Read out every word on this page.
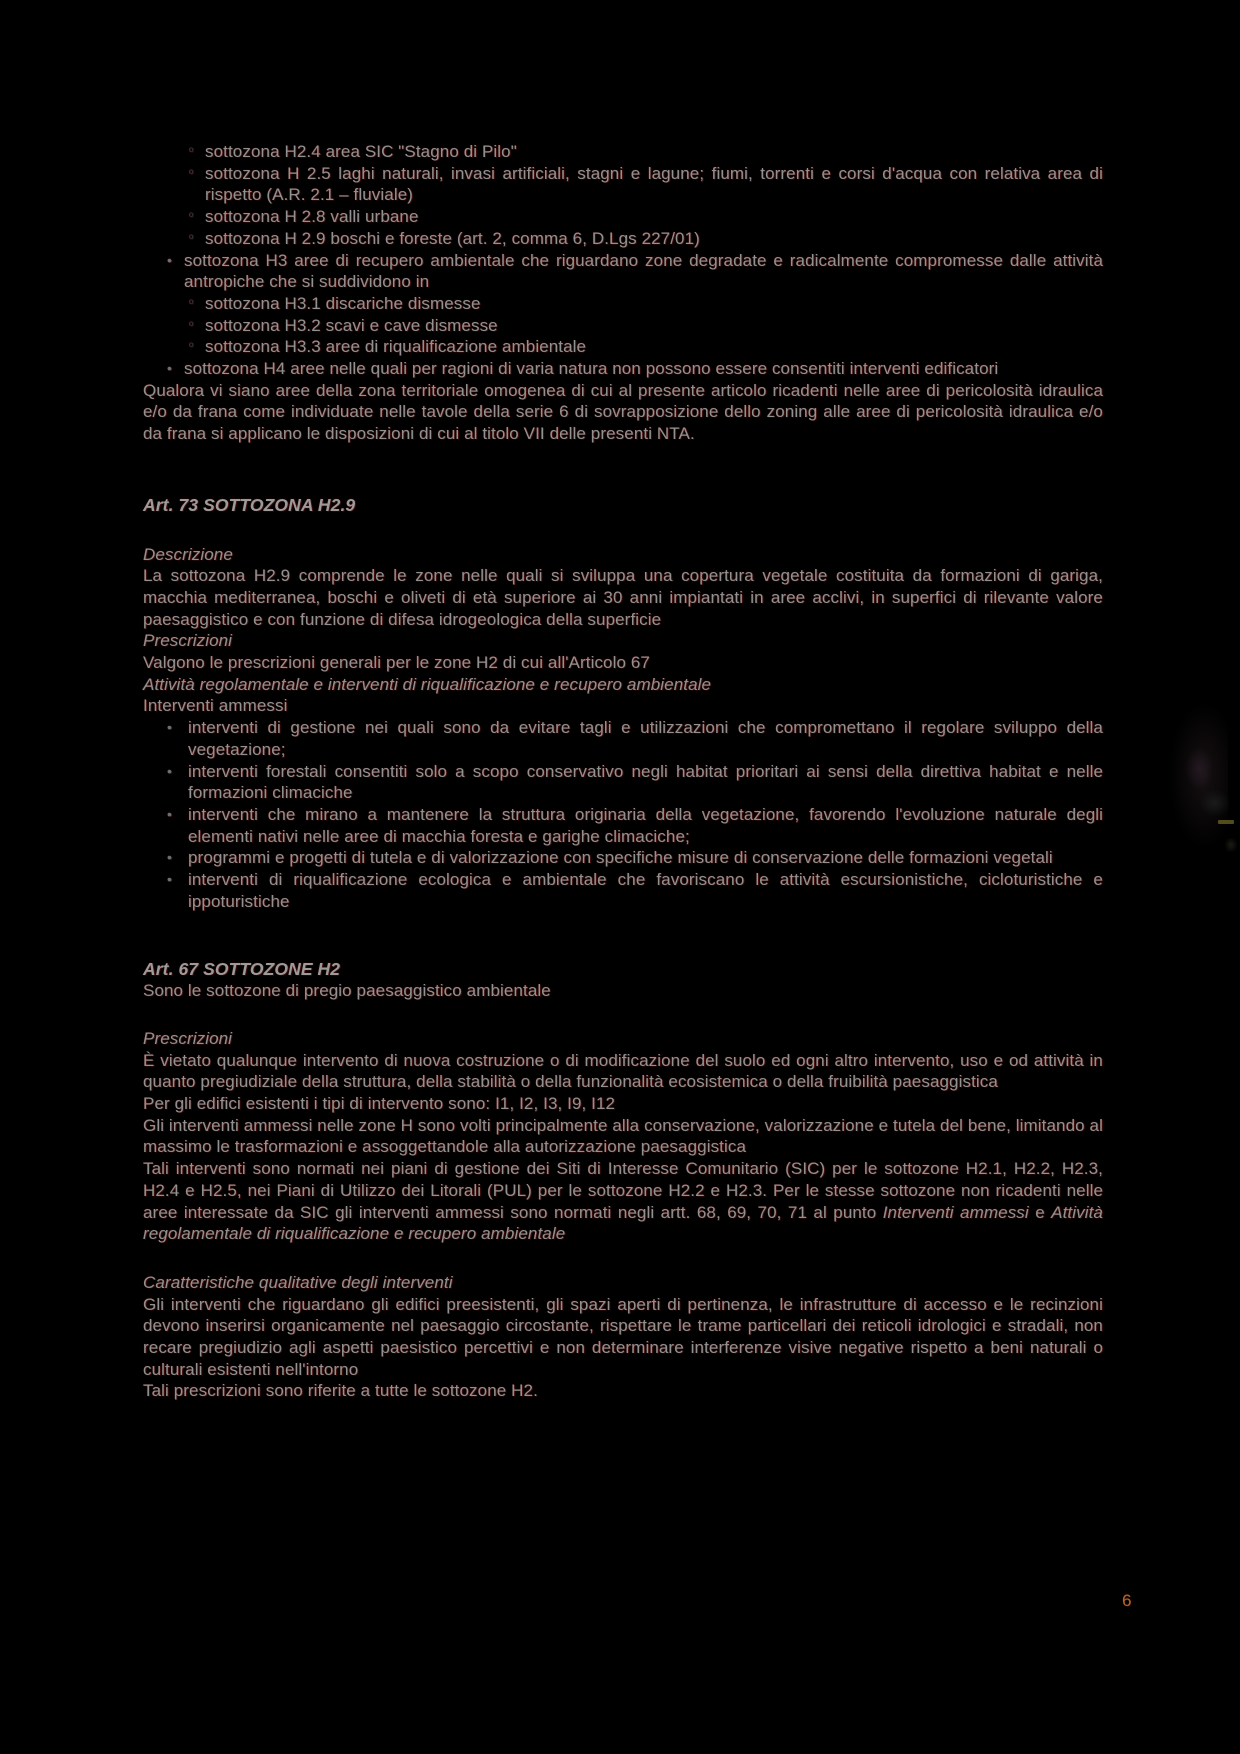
º sottozona H2.4 area SIC "Stagno di Pilo"
º sottozona H 2.5 laghi naturali, invasi artificiali, stagni e lagune; fiumi, torrenti e corsi d'acqua con relativa area di rispetto (A.R. 2.1 – fluviale)
º sottozona H 2.8 valli urbane
º sottozona H 2.9 boschi e foreste (art. 2, comma 6, D.Lgs 227/01)
• sottozona H3 aree di recupero ambientale che riguardano zone degradate e radicalmente compromesse dalle attività antropiche che si suddividono in
º sottozona H3.1 discariche dismesse
º sottozona H3.2 scavi e cave dismesse
º sottozona H3.3 aree di riqualificazione ambientale
• sottozona H4 aree nelle quali per ragioni di varia natura non possono essere consentiti interventi edificatori
Qualora vi siano aree della zona territoriale omogenea di cui al presente articolo ricadenti nelle aree di pericolosità idraulica e/o da frana come individuate nelle tavole della serie 6 di sovrapposizione dello zoning alle aree di pericolosità idraulica e/o da frana si applicano le disposizioni di cui al titolo VII delle presenti NTA.
Art. 73 SOTTOZONA H2.9
Descrizione
La sottozona H2.9 comprende le zone nelle quali si sviluppa una copertura vegetale costituita da formazioni di gariga, macchia mediterranea, boschi e oliveti di età superiore ai 30 anni impiantati in aree acclivi, in superfici di rilevante valore paesaggistico e con funzione di difesa idrogeologica della superficie
Prescrizioni
Valgono le prescrizioni generali per le zone H2 di cui all'Articolo 67
Attività regolamentale e interventi di riqualificazione e recupero ambientale
Interventi ammessi
• interventi di gestione nei quali sono da evitare tagli e utilizzazioni che compromettano il regolare sviluppo della vegetazione;
• interventi forestali consentiti solo a scopo conservativo negli habitat prioritari ai sensi della direttiva habitat e nelle formazioni climaciche
• interventi che mirano a mantenere la struttura originaria della vegetazione, favorendo l'evoluzione naturale degli elementi nativi nelle aree di macchia foresta e garighe climaciche;
• programmi e progetti di tutela e di valorizzazione con specifiche misure di conservazione delle formazioni vegetali
• interventi di riqualificazione ecologica e ambientale che favoriscano le attività escursionistiche, cicloturistiche e ippoturistiche
Art. 67 SOTTOZONE H2
Sono le sottozone di pregio paesaggistico ambientale
Prescrizioni
È vietato qualunque intervento di nuova costruzione o di modificazione del suolo ed ogni altro intervento, uso e od attività in quanto pregiudiziale della struttura, della stabilità o della funzionalità ecosistemica o della fruibilità paesaggistica
Per gli edifici esistenti i tipi di intervento sono: I1, I2, I3, I9, I12
Gli interventi ammessi nelle zone H sono volti principalmente alla conservazione, valorizzazione e tutela del bene, limitando al massimo le trasformazioni e assoggettandole alla autorizzazione paesaggistica
Tali interventi sono normati nei piani di gestione dei Siti di Interesse Comunitario (SIC) per le sottozone H2.1, H2.2, H2.3, H2.4 e H2.5, nei Piani di Utilizzo dei Litorali (PUL) per le sottozone H2.2 e H2.3. Per le stesse sottozone non ricadenti nelle aree interessate da SIC gli interventi ammessi sono normati negli artt. 68, 69, 70, 71 al punto Interventi ammessi e Attività regolamentale di riqualificazione e recupero ambientale
Caratteristiche qualitative degli interventi
Gli interventi che riguardano gli edifici preesistenti, gli spazi aperti di pertinenza, le infrastrutture di accesso e le recinzioni devono inserirsi organicamente nel paesaggio circostante, rispettare le trame particellari dei reticoli idrologici e stradali, non recare pregiudizio agli aspetti paesistico percettivi e non determinare interferenze visive negative rispetto a beni naturali o culturali esistenti nell'intorno
Tali prescrizioni sono riferite a tutte le sottozone H2.
6
